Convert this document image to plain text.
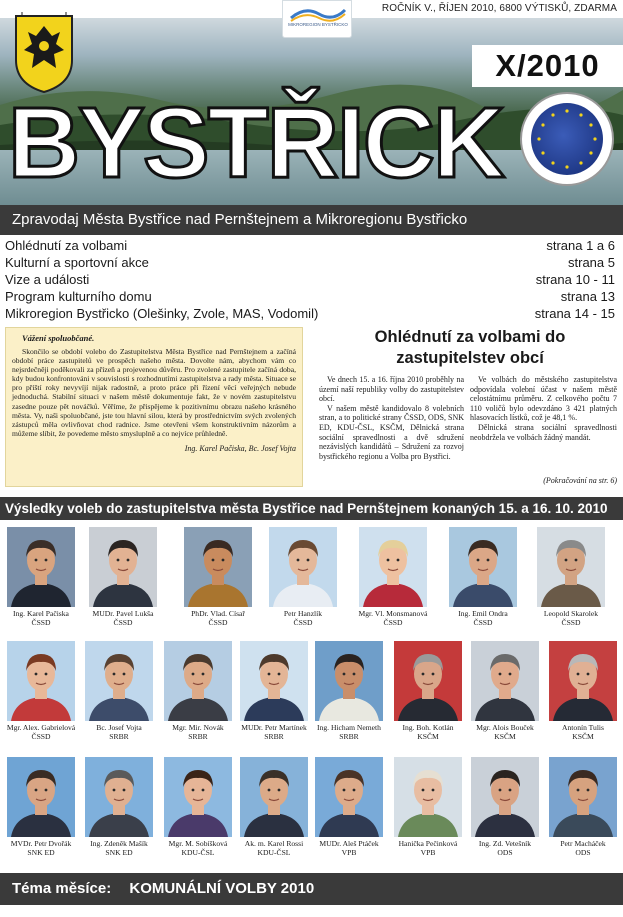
ROČNÍK V., ŘÍJEN 2010, 6800 VÝTISKŮ, ZDARMA
MIKROREGION BYSTŘICKO
X/2010
BYSTŘICK
Zpravodaj Města Bystřice nad Pernštejnem a Mikroregionu Bystřicko
Ohlédnutí za volbami	strana 1 a 6
Kulturní a sportovní akce	strana 5
Vize a události	strana 10 - 11
Program kulturního domu	strana 13
Mikroregion Bystřicko (Olešinky, Zvole, MAS, Vodomil)	strana 14 - 15
Vážení spoluobčané.
Skončilo se období volebo do Zastupitelstva Města Bystřice nad Pernštejnem a začíná období práce zastupitelů ve prospěch našeho města. Dovolte nám, abychom vám co nejsrdečněji poděkovali za přízeň a projevenou důvěru. Pro zvolené zastupitele začíná doba, kdy budou konfrontováni v souvislosti s rozhodnutími zastupitelstva a rady města. Situace se pro příští roky nevyvíjí nijak radostně, a proto práce při řízení věcí veřejných nebude jednoduchá. Stabilní situaci v našem městě dokumentuje fakt, že v novém zastupitelstvu zasedne pouze pět nováčků. Věříme, že přispějeme k pozitivnímu obrazu našeho krásného města. Vy, naši spoluobčané, jste tou hlavní silou, která by prostřednictvím svých zvolených zástupců měla ovlivňovat chod radnice. Jsme otevřeni všem konstruktivním názorům a můžeme slíbit, že povedeme město smysluplně a co nejvíce průhledně.
Ing. Karel Pačiska, Bc. Josef Vojta
Ohlédnutí za volbami do zastupitelstev obcí

Ve dnech 15. a 16. října 2010 proběhly na území naší republiky volby do zastupitelstev obcí.

V našem městě kandidovalo 8 volebních stran, a to politické strany ČSSD, ODS, SNK ED, KDU-ČSL, KSČM, Dělnická strana sociální spravedlnosti a dvě sdružení nezávislých kandidátů – Sdružení za rozvoj bystřického regionu a Volba pro Bystřici.

Ve volbách do městského zastupitelstva odpovídala volební účast v našem městě celostátnímu průměru. Z celkového počtu 7 110 voličů bylo odevzdáno 3 421 platných hlasovacích lístků, což je 48,1 %.

Dělnická strana sociální spravedlnosti neobdržela ve volbách žádný mandát.

(Pokračování na str. 6)
Výsledky voleb do zastupitelstva města Bystřice nad Pernštejnem konaných 15. a 16. 10. 2010
Ing. Karel Pačiska
ČSSD
MUDr. Pavel Lukša
ČSSD
PhDr. Vlad. Císař
ČSSD
Petr Hanzlík
ČSSD
Mgr. Vl. Monsmanová
ČSSD
Ing. Emil Ondra
ČSSD
Leopold Skarolek
ČSSD
Mgr. Alex. Gabrielová
ČSSD
Bc. Josef Vojta
SRBR
Mgr. Mir. Novák
SRBR
MUDr. Petr Martínek
SRBR
Ing. Hicham Nemeth
SRBR
Ing. Boh. Kotlán
KSČM
Mgr. Alois Bouček
KSČM
Antonín Tulis
KSČM
MVDr. Petr Dvořák
SNK ED
Ing. Zdeněk Mašík
SNK ED
Mgr. M. Sobíšková
KDU-ČSL
Ak. m. Karel Rossi
KDU-ČSL
MUDr. Aleš Ptáček
VPB
Hanička Pečinková
VPB
Ing. Zd. Vetešník
ODS
Petr Macháček
ODS
Téma měsíce: KOMUNÁLNÍ VOLBY 2010
